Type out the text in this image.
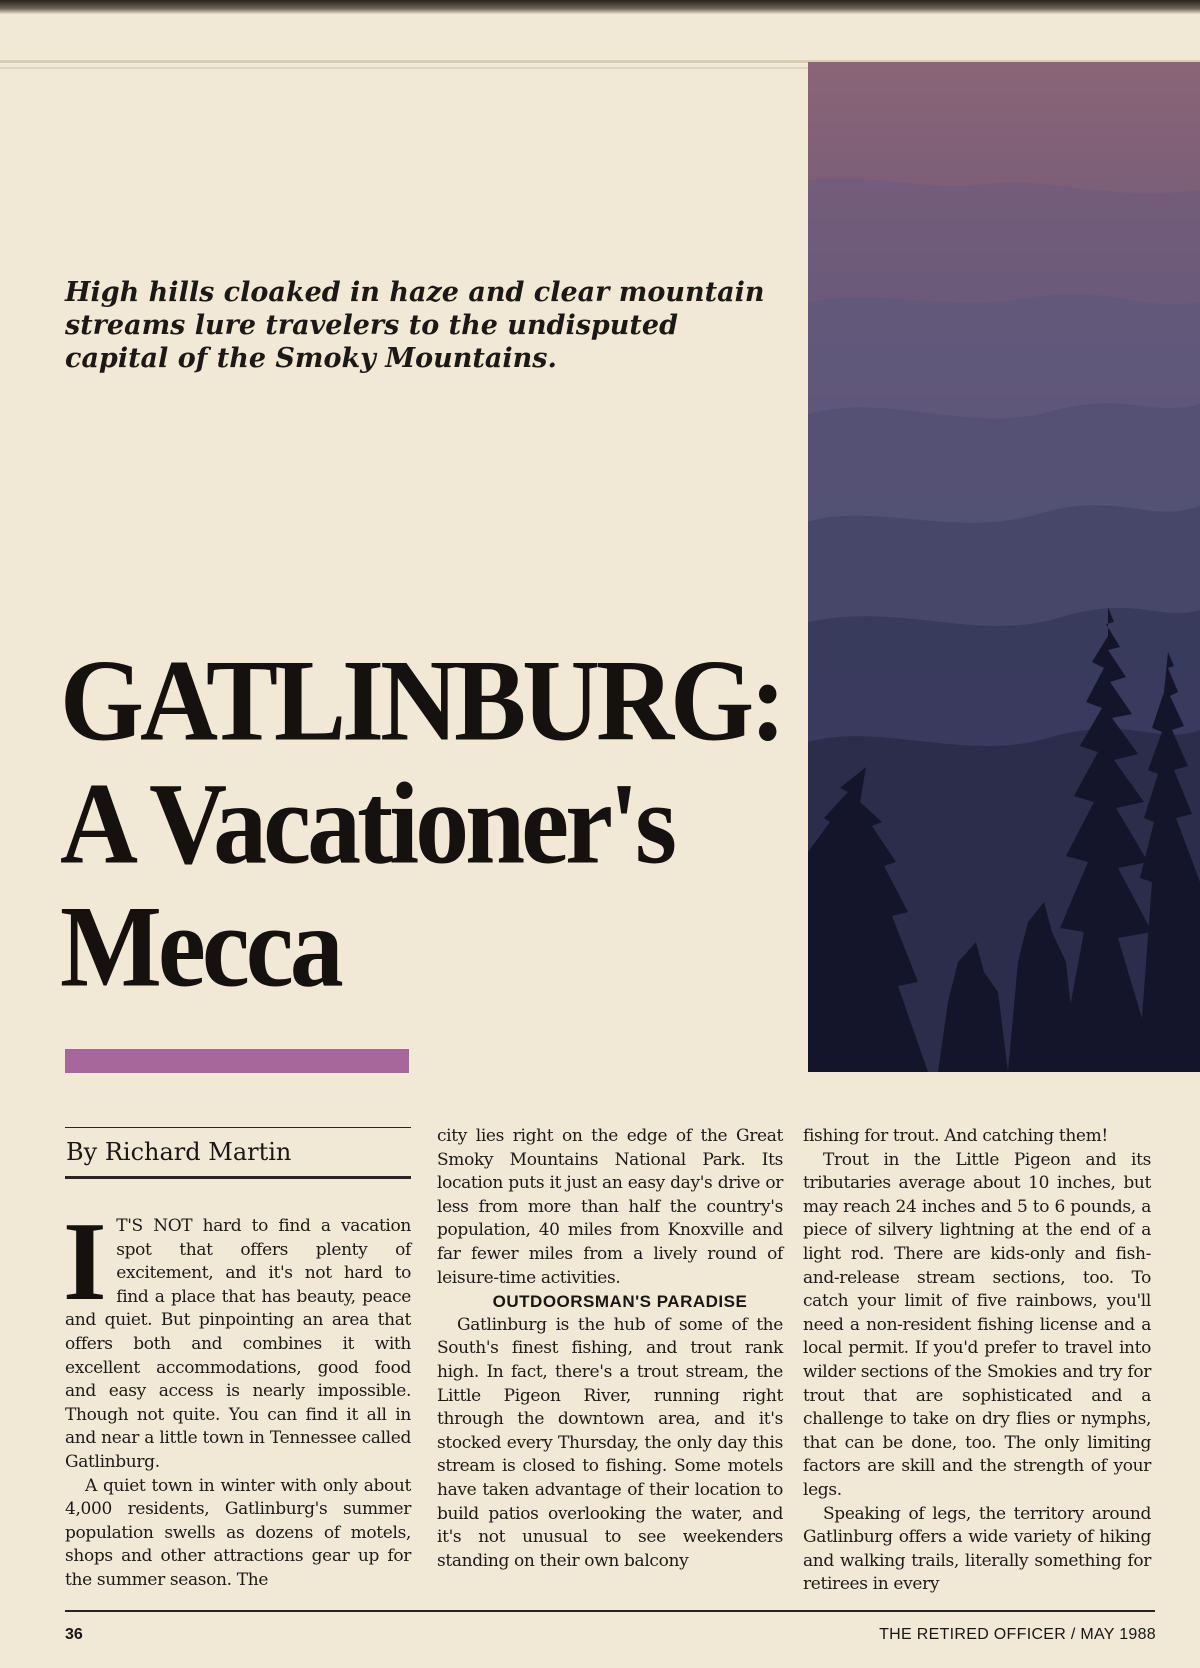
High hills cloaked in haze and clear mountain streams lure travelers to the undisputed capital of the Smoky Mountains.

GATLINBURG:
A Vacationer's
Mecca

By Richard Martin

I T'S NOT hard to find a vacation spot that offers plenty of excitement, and it's not hard to find a place that has beauty, peace and quiet. But pinpointing an area that offers both and combines it with excellent accommodations, good food and easy access is nearly impossible. Though not quite. You can find it all in and near a little town in Tennessee called Gatlinburg.

A quiet town in winter with only about 4,000 residents, Gatlinburg's summer population swells as dozens of motels, shops and other attractions gear up for the summer season. The

city lies right on the edge of the Great Smoky Mountains National Park. Its location puts it just an easy day's drive or less from more than half the country's population, 40 miles from Knoxville and far fewer miles from a lively round of leisure-time activities.

OUTDOORSMAN'S PARADISE

Gatlinburg is the hub of some of the South's finest fishing, and trout rank high. In fact, there's a trout stream, the Little Pigeon River, running right through the downtown area, and it's stocked every Thursday, the only day this stream is closed to fishing. Some motels have taken advantage of their location to build patios overlooking the water, and it's not unusual to see weekenders standing on their own balcony

fishing for trout. And catching them!

Trout in the Little Pigeon and its tributaries average about 10 inches, but may reach 24 inches and 5 to 6 pounds, a piece of silvery lightning at the end of a light rod. There are kids-only and fish-and-release stream sections, too. To catch your limit of five rainbows, you'll need a non-resident fishing license and a local permit. If you'd prefer to travel into wilder sections of the Smokies and try for trout that are sophisticated and a challenge to take on dry flies or nymphs, that can be done, too. The only limiting factors are skill and the strength of your legs.

Speaking of legs, the territory around Gatlinburg offers a wide variety of hiking and walking trails, literally something for retirees in every

36	THE RETIRED OFFICER / MAY 1988
